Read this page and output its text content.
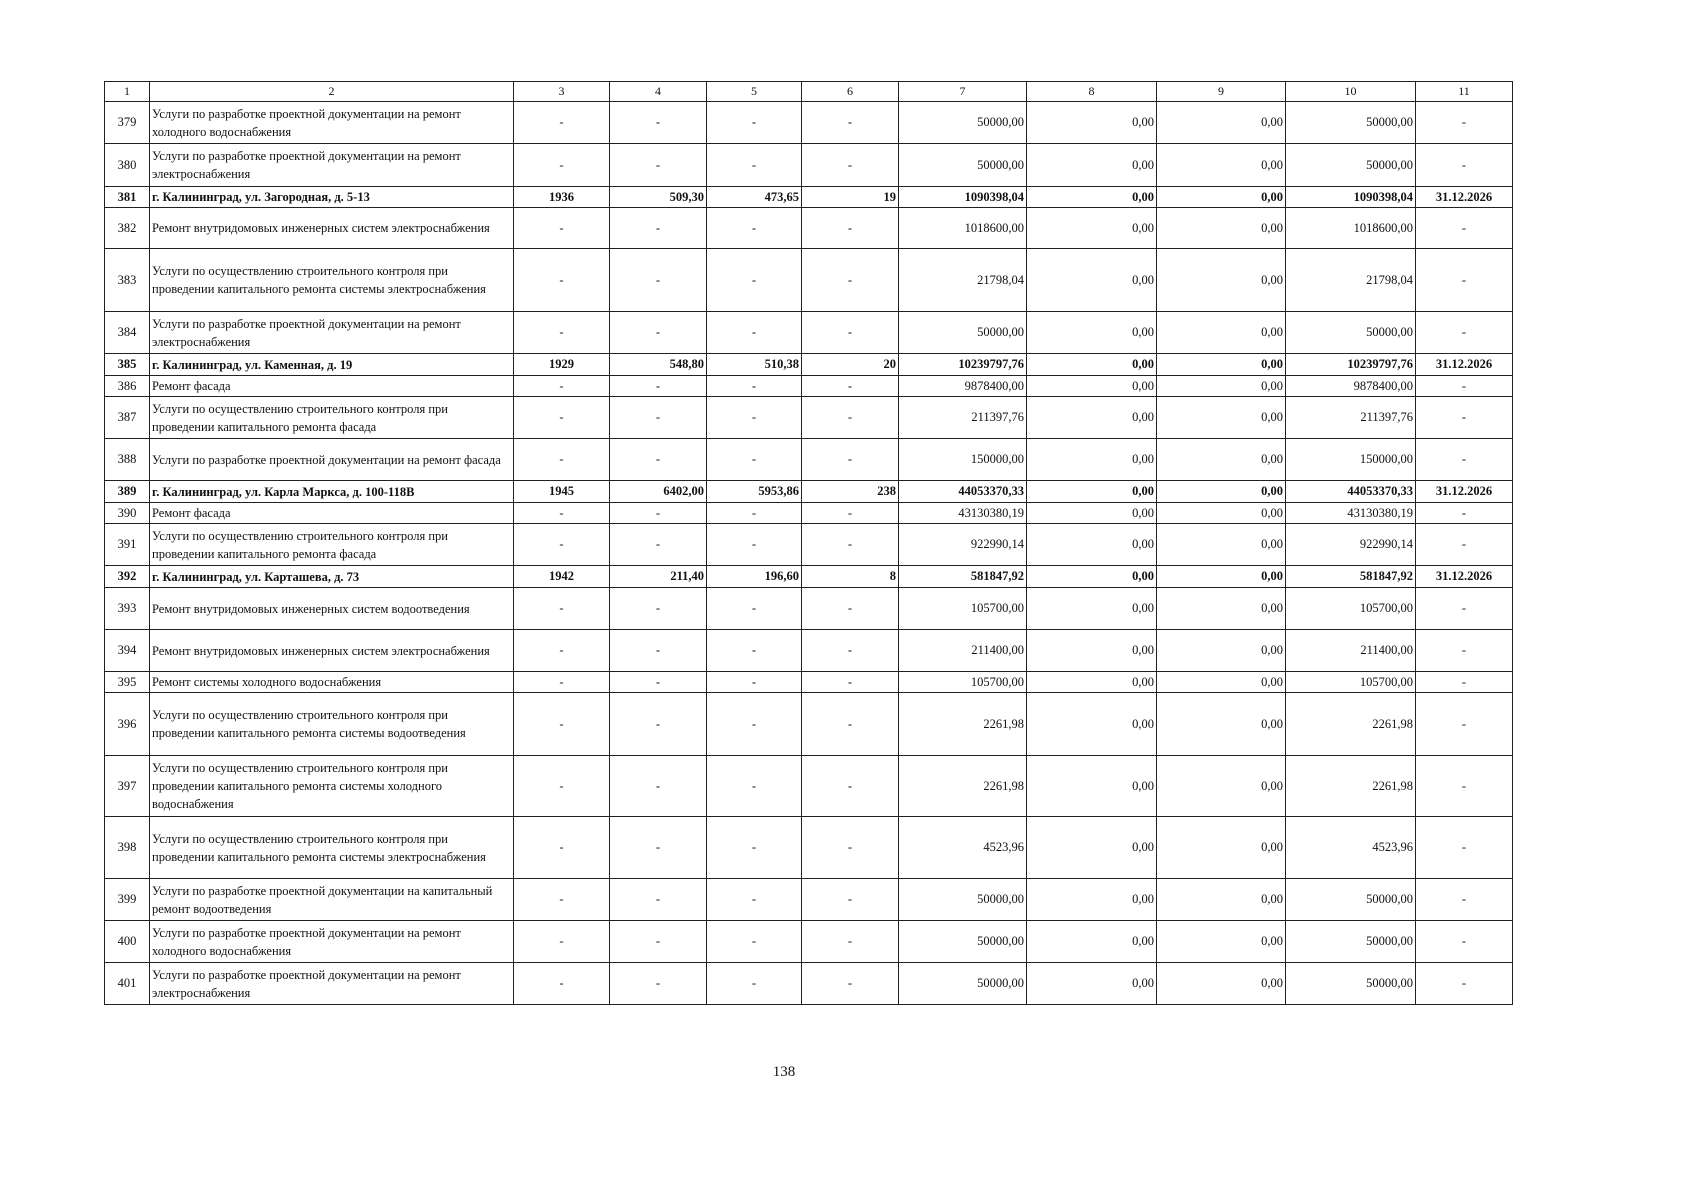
1	2	3	4	5	6	7	8	9	10	11
379	Услуги по разработке проектной документации на ремонт холодного водоснабжения	-	-	-	-	50000,00	0,00	0,00	50000,00	-
380	Услуги по разработке проектной документации на ремонт электроснабжения	-	-	-	-	50000,00	0,00	0,00	50000,00	-
381	г. Калининград, ул. Загородная, д. 5-13	1936	509,30	473,65	19	1090398,04	0,00	0,00	1090398,04	31.12.2026
382	Ремонт внутридомовых инженерных систем электроснабжения	-	-	-	-	1018600,00	0,00	0,00	1018600,00	-
383	Услуги по осуществлению строительного контроля при проведении капитального ремонта системы электроснабжения	-	-	-	-	21798,04	0,00	0,00	21798,04	-
384	Услуги по разработке проектной документации на ремонт электроснабжения	-	-	-	-	50000,00	0,00	0,00	50000,00	-
385	г. Калининград, ул. Каменная, д. 19	1929	548,80	510,38	20	10239797,76	0,00	0,00	10239797,76	31.12.2026
386	Ремонт фасада	-	-	-	-	9878400,00	0,00	0,00	9878400,00	-
387	Услуги по осуществлению строительного контроля при проведении капитального ремонта фасада	-	-	-	-	211397,76	0,00	0,00	211397,76	-
388	Услуги по разработке проектной документации на ремонт фасада	-	-	-	-	150000,00	0,00	0,00	150000,00	-
389	г. Калининград, ул. Карла Маркса, д. 100-118В	1945	6402,00	5953,86	238	44053370,33	0,00	0,00	44053370,33	31.12.2026
390	Ремонт фасада	-	-	-	-	43130380,19	0,00	0,00	43130380,19	-
391	Услуги по осуществлению строительного контроля при проведении капитального ремонта фасада	-	-	-	-	922990,14	0,00	0,00	922990,14	-
392	г. Калининград, ул. Карташева, д. 73	1942	211,40	196,60	8	581847,92	0,00	0,00	581847,92	31.12.2026
393	Ремонт внутридомовых инженерных систем водоотведения	-	-	-	-	105700,00	0,00	0,00	105700,00	-
394	Ремонт внутридомовых инженерных систем электроснабжения	-	-	-	-	211400,00	0,00	0,00	211400,00	-
395	Ремонт системы холодного водоснабжения	-	-	-	-	105700,00	0,00	0,00	105700,00	-
396	Услуги по осуществлению строительного контроля при проведении капитального ремонта системы водоотведения	-	-	-	-	2261,98	0,00	0,00	2261,98	-
397	Услуги по осуществлению строительного контроля при проведении капитального ремонта системы холодного водоснабжения	-	-	-	-	2261,98	0,00	0,00	2261,98	-
398	Услуги по осуществлению строительного контроля при проведении капитального ремонта системы электроснабжения	-	-	-	-	4523,96	0,00	0,00	4523,96	-
399	Услуги по разработке проектной документации на капитальный ремонт водоотведения	-	-	-	-	50000,00	0,00	0,00	50000,00	-
400	Услуги по разработке проектной документации на ремонт холодного водоснабжения	-	-	-	-	50000,00	0,00	0,00	50000,00	-
401	Услуги по разработке проектной документации на ремонт электроснабжения	-	-	-	-	50000,00	0,00	0,00	50000,00	-
138
